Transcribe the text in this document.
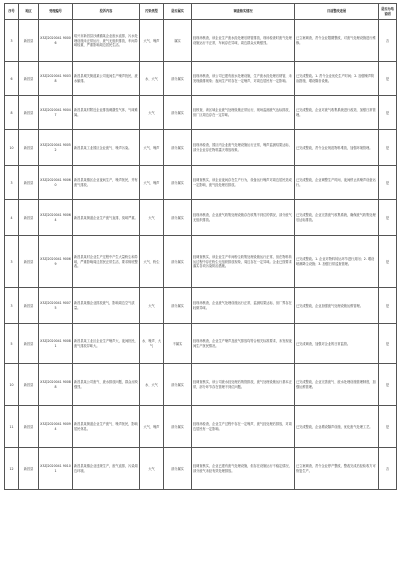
序号	地区	受理编号	投诉内容	污染类型	是否属实	调查核实情况	目前整改进展	是否办结说明
3	新昌县	X3ZJ2020041 90006	绍兴市新昌县沙溪镇某企业废水直排，污水处理设施未正常运行，废气无组织排放，车间异味较重，严重影响周边居民生活。	大气、噪声	属实	经现场核查，该企业生产废水经处理后纳管排放，现场检查时废气处理设施运行不正常，车间存在异味，周边群众反映强烈。	已立案调查，责令企业限期整改，对废气处理设施进行维修。	否
6	新昌县	X3ZJ2020041 90038	新昌县城关街道某公司夜间生产噪声扰民，废水偷排。	水、大气	部分属实	经现场核查，该公司已建有废水处理设施，生产废水经处理后纳管，未发现偷排现象；夜间生产时存在一定噪声，对周边居民有一定影响。	已完成整改。1. 责令企业优化生产时间；2. 加强噪声防治措施，增设隔音设施。	是
8	新昌县	X3ZJ2020041 90047	新昌县某村附近企业排放刺激性气体，气味难闻。	大气	部分属实	经核查，该区域企业废气处理设施正常运行，现场监测废气达标排放，但厂区周边存在一定异味。	已完成整改，企业对废气收集系统进行改造，加强日常管理。	是
10	新昌县	X3ZJ2020041 90052	新昌县某工业园区企业废气、噪声污染。	大气、噪声	部分属实	经现场检查，园区内企业废气处理设施运行正常，噪声监测结果达标，部分企业存在物料露天堆放现象。	已完成整改，责令企业规范物料堆放，加强环境管理。	是
3	新昌县	X3ZJ2020041 90060	新昌县某镇区企业夜间生产，噪声扰民，并有废气排放。	大气、噪声	部分属实	经调查核实，该企业夜间存在生产行为，设备运行噪声对周边居民造成一定影响，废气经处理后排放。	已完成整改，企业调整生产时间，夜间停止高噪声设备运行。	是
4	新昌县	X3ZJ2020041 90064	新昌县某街道企业生产废气直排，臭味严重。	大气	部分属实	经现场核查，企业废气收集处理设施存在收集不到位的情况，部分废气无组织排放。	已完成整改，企业完善废气收集系统，确保废气收集处理后达标排放。	是
3	新昌县	X3ZJ2020041 90069	新昌县某村企业生产过程中产生大量粉尘和异味，严重影响周边居民正常生活，要求彻底整改。	大气、粉尘	部分属实	经调查核实，该企业生产车间粉尘收集处理设施运行正常，但在物料转运过程中存在粉尘无组织排放现象，周边存在一定异味。企业已按要求落实各项污染防治措施。	已完成整改。1. 企业对物料转运环节进行封闭；2. 增设喷淋降尘设施；3. 加强日常巡查管理。	是
3	新昌县	X3ZJ2020041 90075	新昌县某镇企业排放废气，影响周边空气质量。	大气	部分属实	经现场核查，企业废气处理设施运行正常，监测结果达标，但厂界存在轻微异味。	已完成整改，企业加强废气处理设施运维管理。	是
5	新昌县	X3ZJ2020041 90081	新昌县某工业区企业生产噪声大，夜间扰民，废气排放异味大。	水、噪声、大气	不属实	经现场核查，企业生产噪声及废气排放均符合相关标准要求，未发现夜间生产扰民情况。	已完成调查，加强对企业的日常监管。	是
10	新昌县	X3ZJ2020041 90088	新昌县某公司废气、废水排放问题，群众反映强烈。	水、大气	部分属实	经调查核实，该公司废水经处理后纳管排放，废气处理设施运行基本正常，部分环节存在管理不到位问题。	已完成整改，企业完善废气、废水处理设施管理制度，加强运维管理。	是
11	新昌县	X3ZJ2020041 90094	新昌县某街道企业生产废气、噪声扰民，影响居民休息。	大气、噪声	部分属实	经现场检查，企业生产过程中存在一定噪声，废气经处理后排放，对周边居民有一定影响。	已完成整改，企业增设隔声设施，优化废气处理工艺。	是
12	新昌县	X3ZJ2020041 90101	新昌县某镇企业违规生产，废气直排，污染周边环境。	大气	部分属实	经调查核实，企业已建有废气处理设施，但存在设施运行不稳定情况，部分废气未经有效处理排放。	已立案调查，责令企业停产整改，整改完成后经验收方可恢复生产。	否
